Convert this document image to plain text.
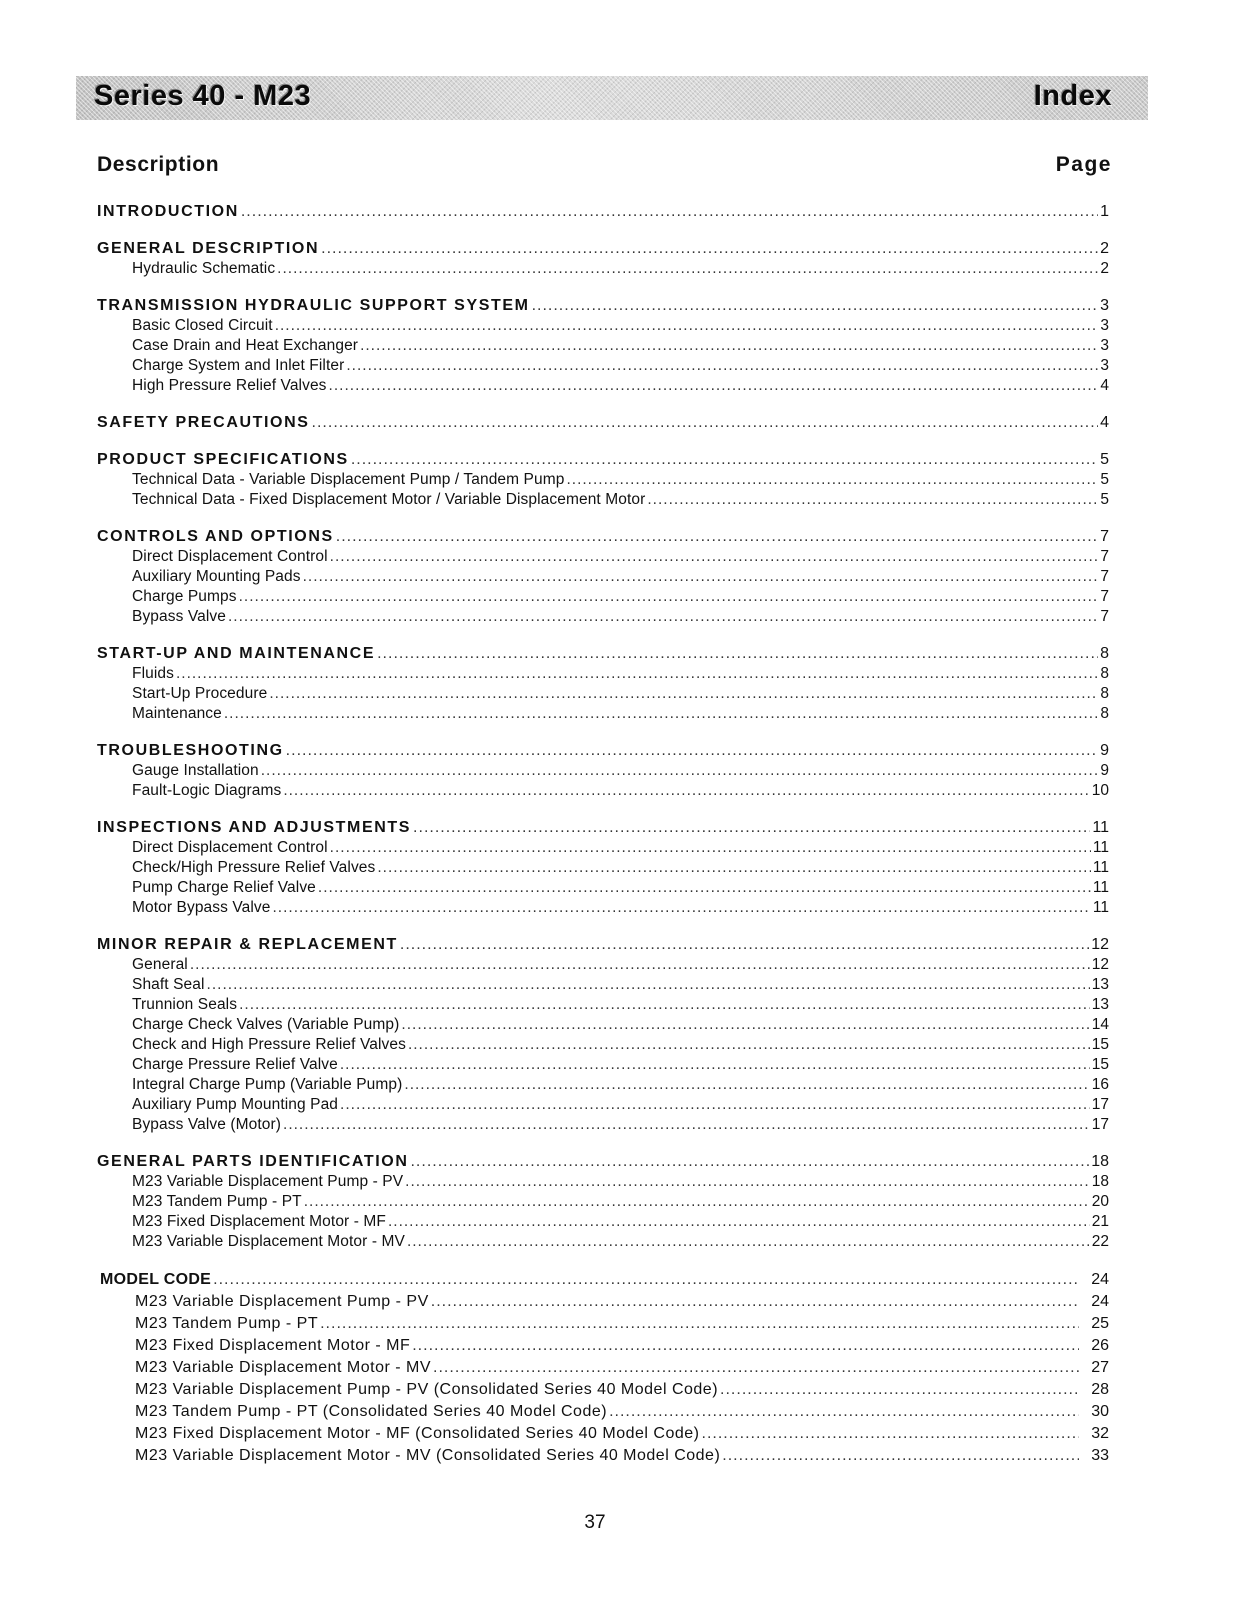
Series 40 - M23	Index
Description	Page
INTRODUCTION .....	1
GENERAL DESCRIPTION .....	2
Hydraulic Schematic .....	2
TRANSMISSION HYDRAULIC SUPPORT SYSTEM .....	3
Basic Closed Circuit .....	3
Case Drain and Heat Exchanger .....	3
Charge System and Inlet Filter .....	3
High Pressure Relief Valves .....	4
SAFETY PRECAUTIONS .....	4
PRODUCT SPECIFICATIONS .....	5
Technical Data - Variable Displacement Pump / Tandem Pump .....	5
Technical Data - Fixed Displacement Motor / Variable Displacement Motor .....	5
CONTROLS AND OPTIONS .....	7
Direct Displacement Control .....	7
Auxiliary Mounting Pads .....	7
Charge Pumps .....	7
Bypass Valve .....	7
START-UP AND MAINTENANCE .....	8
Fluids .....	8
Start-Up Procedure .....	8
Maintenance .....	8
TROUBLESHOOTING .....	9
Gauge Installation .....	9
Fault-Logic Diagrams .....	10
INSPECTIONS AND ADJUSTMENTS .....	11
Direct Displacement Control .....	11
Check/High Pressure Relief Valves .....	11
Pump Charge Relief Valve .....	11
Motor Bypass Valve .....	11
MINOR REPAIR & REPLACEMENT .....	12
General .....	12
Shaft Seal .....	13
Trunnion Seals .....	13
Charge Check Valves (Variable Pump) .....	14
Check and High Pressure Relief Valves .....	15
Charge Pressure Relief Valve .....	15
Integral Charge Pump (Variable Pump) .....	16
Auxiliary Pump Mounting Pad .....	17
Bypass Valve (Motor) .....	17
GENERAL PARTS IDENTIFICATION .....	18
M23 Variable Displacement Pump - PV .....	18
M23 Tandem Pump - PT .....	20
M23 Fixed Displacement Motor - MF .....	21
M23 Variable Displacement Motor - MV .....	22
MODEL CODE .....	24
M23 Variable Displacement Pump - PV .....	24
M23 Tandem Pump - PT .....	25
M23 Fixed Displacement Motor - MF .....	26
M23 Variable Displacement Motor - MV .....	27
M23 Variable Displacement Pump - PV (Consolidated Series 40 Model Code) .....	28
M23 Tandem Pump - PT (Consolidated Series 40 Model Code) .....	30
M23 Fixed Displacement Motor - MF (Consolidated Series 40 Model Code) .....	32
M23 Variable Displacement Motor - MV (Consolidated Series 40 Model Code) .....	33
37
